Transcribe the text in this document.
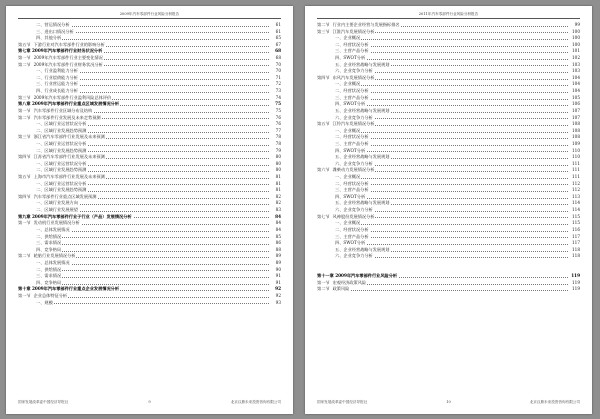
2009年汽车零部件行业风险分析报告
二、营运情况分析	61
三、进出口情况分析	61
四、其他分析	65
第五节 下游行业对汽车零部件行业的影响分析	67
第七章 2009年汽车零部件行业财务状况分析	68
第一节 2009年汽车零部件行业主要变化情况	68
第二节 2009年汽车零部件行业财务状况分析	70
一、行业盈利能力分析	70
二、行业偿债能力分析	71
三、行业营运能力分析	72
四、行业成长能力分析	73
第三节 2009年汽车零部件行业盈利风险总体评价	74
第八章 2009年汽车零部件行业重点区域发展情况分析	75
第一节 汽车零部件行业区域分布及结构	75
第二节 汽车零部件行业发展及未来走势预测	76
一、区域行业运营状况分析	76
二、区域行业发展趋势预测	77
第三节 浙江省汽车零部件行业发展及未来预测	78
一、区域行业运营状况分析	78
二、区域行业发展趋势预测	79
第四节 江苏省汽车零部件行业发展及未来预测	80
一、区域行业运营状况分析	80
二、区域行业发展趋势预测	80
第五节 上海市汽车零部件行业发展及未来预测	81
一、区域行业运营状况分析	81
二、区域行业发展趋势预测	81
第四节 汽车零部件行业重点区域发展预测	82
一、区域行业发展方向	82
二、区域行业发展展望	83
第九章 2009年汽车零部件行业子行业（产品）发展情况分析	84
第一节 发动机行业发展情况分析	84
一、总体发展情况	84
二、供给情况	85
三、需求情况	86
四、竞争格局	88
第二节 轮胎行业发展情况分析	89
一、总体发展情况	89
二、供给情况	90
三、需求情况	91
四、竞争格局	91
第十章 2009年汽车零部件行业重点企业发展情况分析	92
第一节 企业总体特征分析	92
一、规模	93
国家发展改革委中国经济导报社	9	北京汉鼎未来投资咨询有限公司
2011年汽车零部件行业风险分析报告
第二节 行业内主要企业经营与发展指标排名	99
第三节 江淮汽车发展情况分析	100
一、企业概况	100
二、经营状况分析	100
三、主营产品分析	101
四、SWOT分析	102
五、企业经营战略与发展规划	103
六、企业竞争力分析	103
第四节 东风汽车发展情况分析	104
一、企业概况	104
二、经营状况分析	104
三、主营产品分析	105
四、SWOT分析	106
五、企业经营战略与发展规划	107
六、企业竞争力分析	107
第五节 江铃汽车发展情况分析	108
一、企业概况	108
二、经营状况分析	108
三、主营产品分析	109
四、SWOT分析	110
五、企业经营战略与发展规划	110
六、企业竞争力分析	111
第六节 潍柴动力发展情况分析	111
一、企业概况	111
二、经营状况分析	112
三、主营产品分析	112
四、SWOT分析	113
五、企业经营战略与发展规划	114
六、企业竞争力分析	114
第七节 风神股份发展情况分析	115
一、企业概况	115
二、经营状况分析	116
三、主营产品分析	117
四、SWOT分析	117
五、企业经营战略与发展规划	118
六、企业竞争力分析	118
第十一章 2009年汽车零部件行业风险分析	119
第一节 宏观经济政策风险	119
第二节 政策风险	119
国家发展改革委中国经济导报社	10	北京汉鼎未来投资咨询有限公司
